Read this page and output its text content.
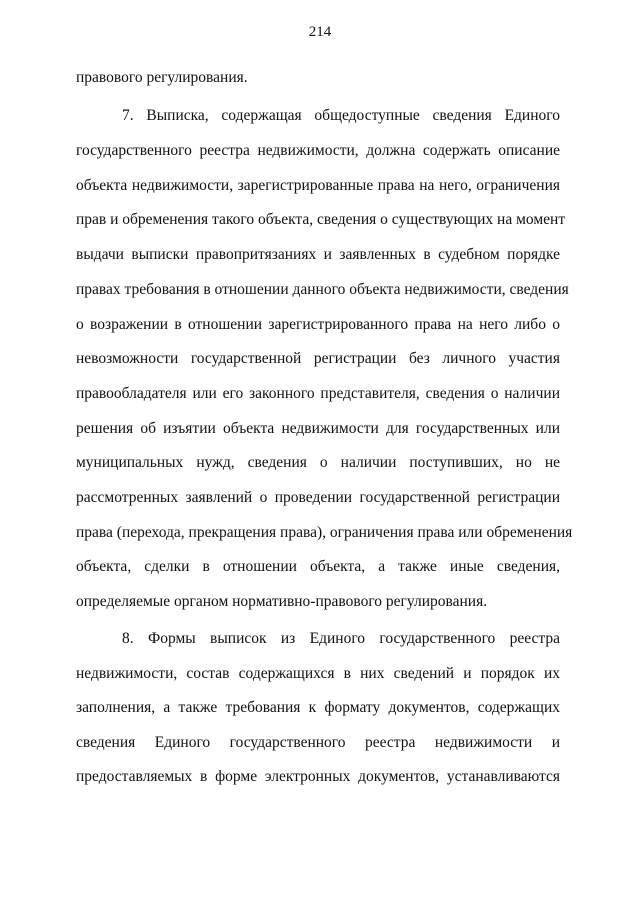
214
правового регулирования.
7. Выписка, содержащая общедоступные сведения Единого
государственного реестра недвижимости, должна содержать описание
объекта недвижимости, зарегистрированные права на него, ограничения
прав и обременения такого объекта, сведения о существующих на момент
выдачи выписки правопритязаниях и заявленных в судебном порядке
правах требования в отношении данного объекта недвижимости, сведения
о возражении в отношении зарегистрированного права на него либо о
невозможности государственной регистрации без личного участия
правообладателя или его законного представителя, сведения о наличии
решения об изъятии объекта недвижимости для государственных или
муниципальных нужд, сведения о наличии поступивших, но не
рассмотренных заявлений о проведении государственной регистрации
права (перехода, прекращения права), ограничения права или обременения
объекта, сделки в отношении объекта, а также иные сведения,
определяемые органом нормативно-правового регулирования.
8. Формы выписок из Единого государственного реестра
недвижимости, состав содержащихся в них сведений и порядок их
заполнения, а также требования к формату документов, содержащих
сведения Единого государственного реестра недвижимости и
предоставляемых в форме электронных документов, устанавливаются
